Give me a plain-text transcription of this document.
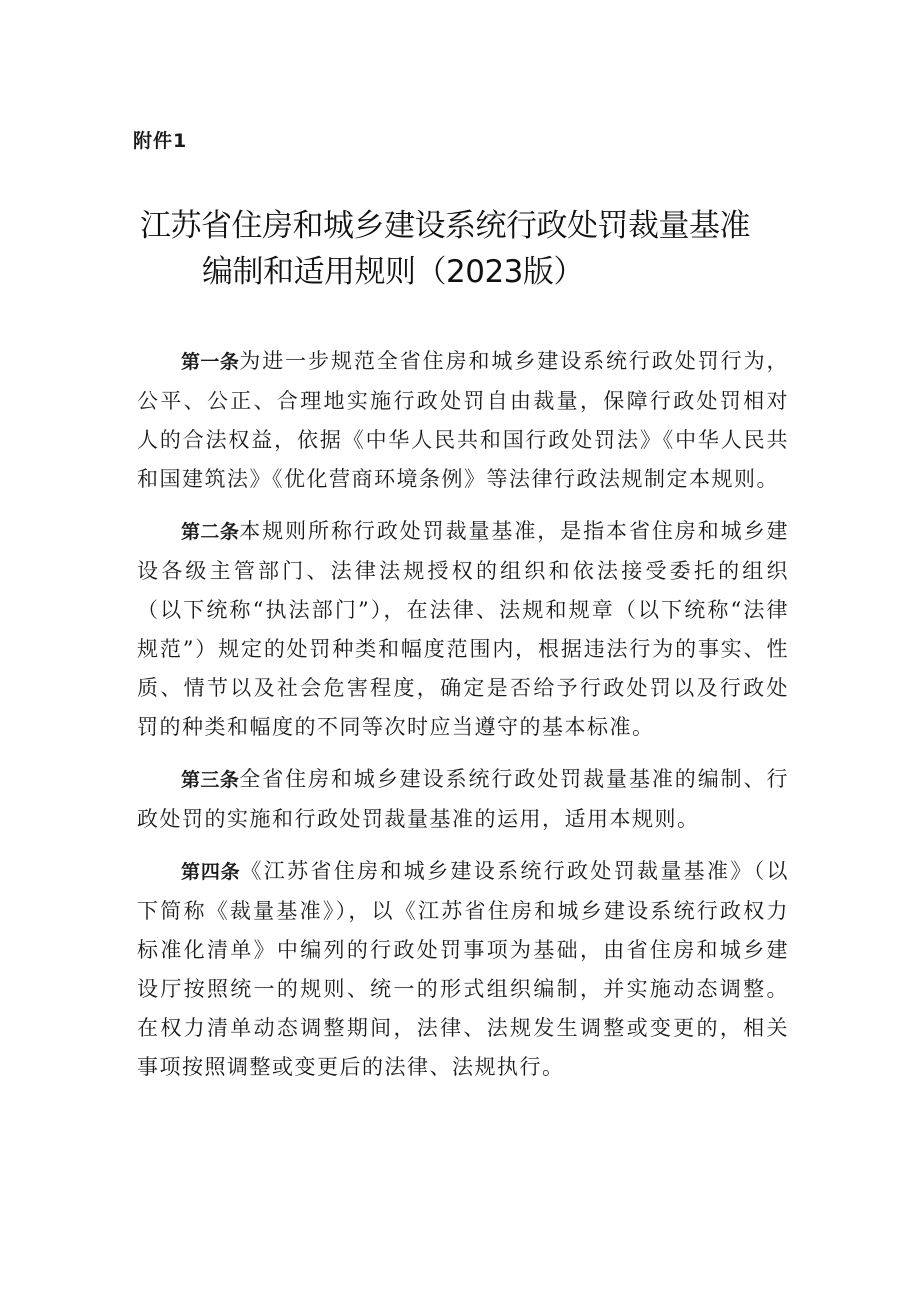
附件1
江苏省住房和城乡建设系统行政处罚裁量基准
编制和适用规则（2023版）

第一条为进一步规范全省住房和城乡建设系统行政处罚行为，公平、公正、合理地实施行政处罚自由裁量，保障行政处罚相对人的合法权益，依据《中华人民共和国行政处罚法》《中华人民共和国建筑法》《优化营商环境条例》等法律行政法规制定本规则。

第二条本规则所称行政处罚裁量基准，是指本省住房和城乡建设各级主管部门、法律法规授权的组织和依法接受委托的组织（以下统称“执法部门”），在法律、法规和规章（以下统称“法律规范”）规定的处罚种类和幅度范围内，根据违法行为的事实、性质、情节以及社会危害程度，确定是否给予行政处罚以及行政处罚的种类和幅度的不同等次时应当遵守的基本标准。

第三条全省住房和城乡建设系统行政处罚裁量基准的编制、行政处罚的实施和行政处罚裁量基准的运用，适用本规则。

第四条《江苏省住房和城乡建设系统行政处罚裁量基准》（以下简称《裁量基准》），以《江苏省住房和城乡建设系统行政权力标准化清单》中编列的行政处罚事项为基础，由省住房和城乡建设厅按照统一的规则、统一的形式组织编制，并实施动态调整。在权力清单动态调整期间，法律、法规发生调整或变更的，相关事项按照调整或变更后的法律、法规执行。
